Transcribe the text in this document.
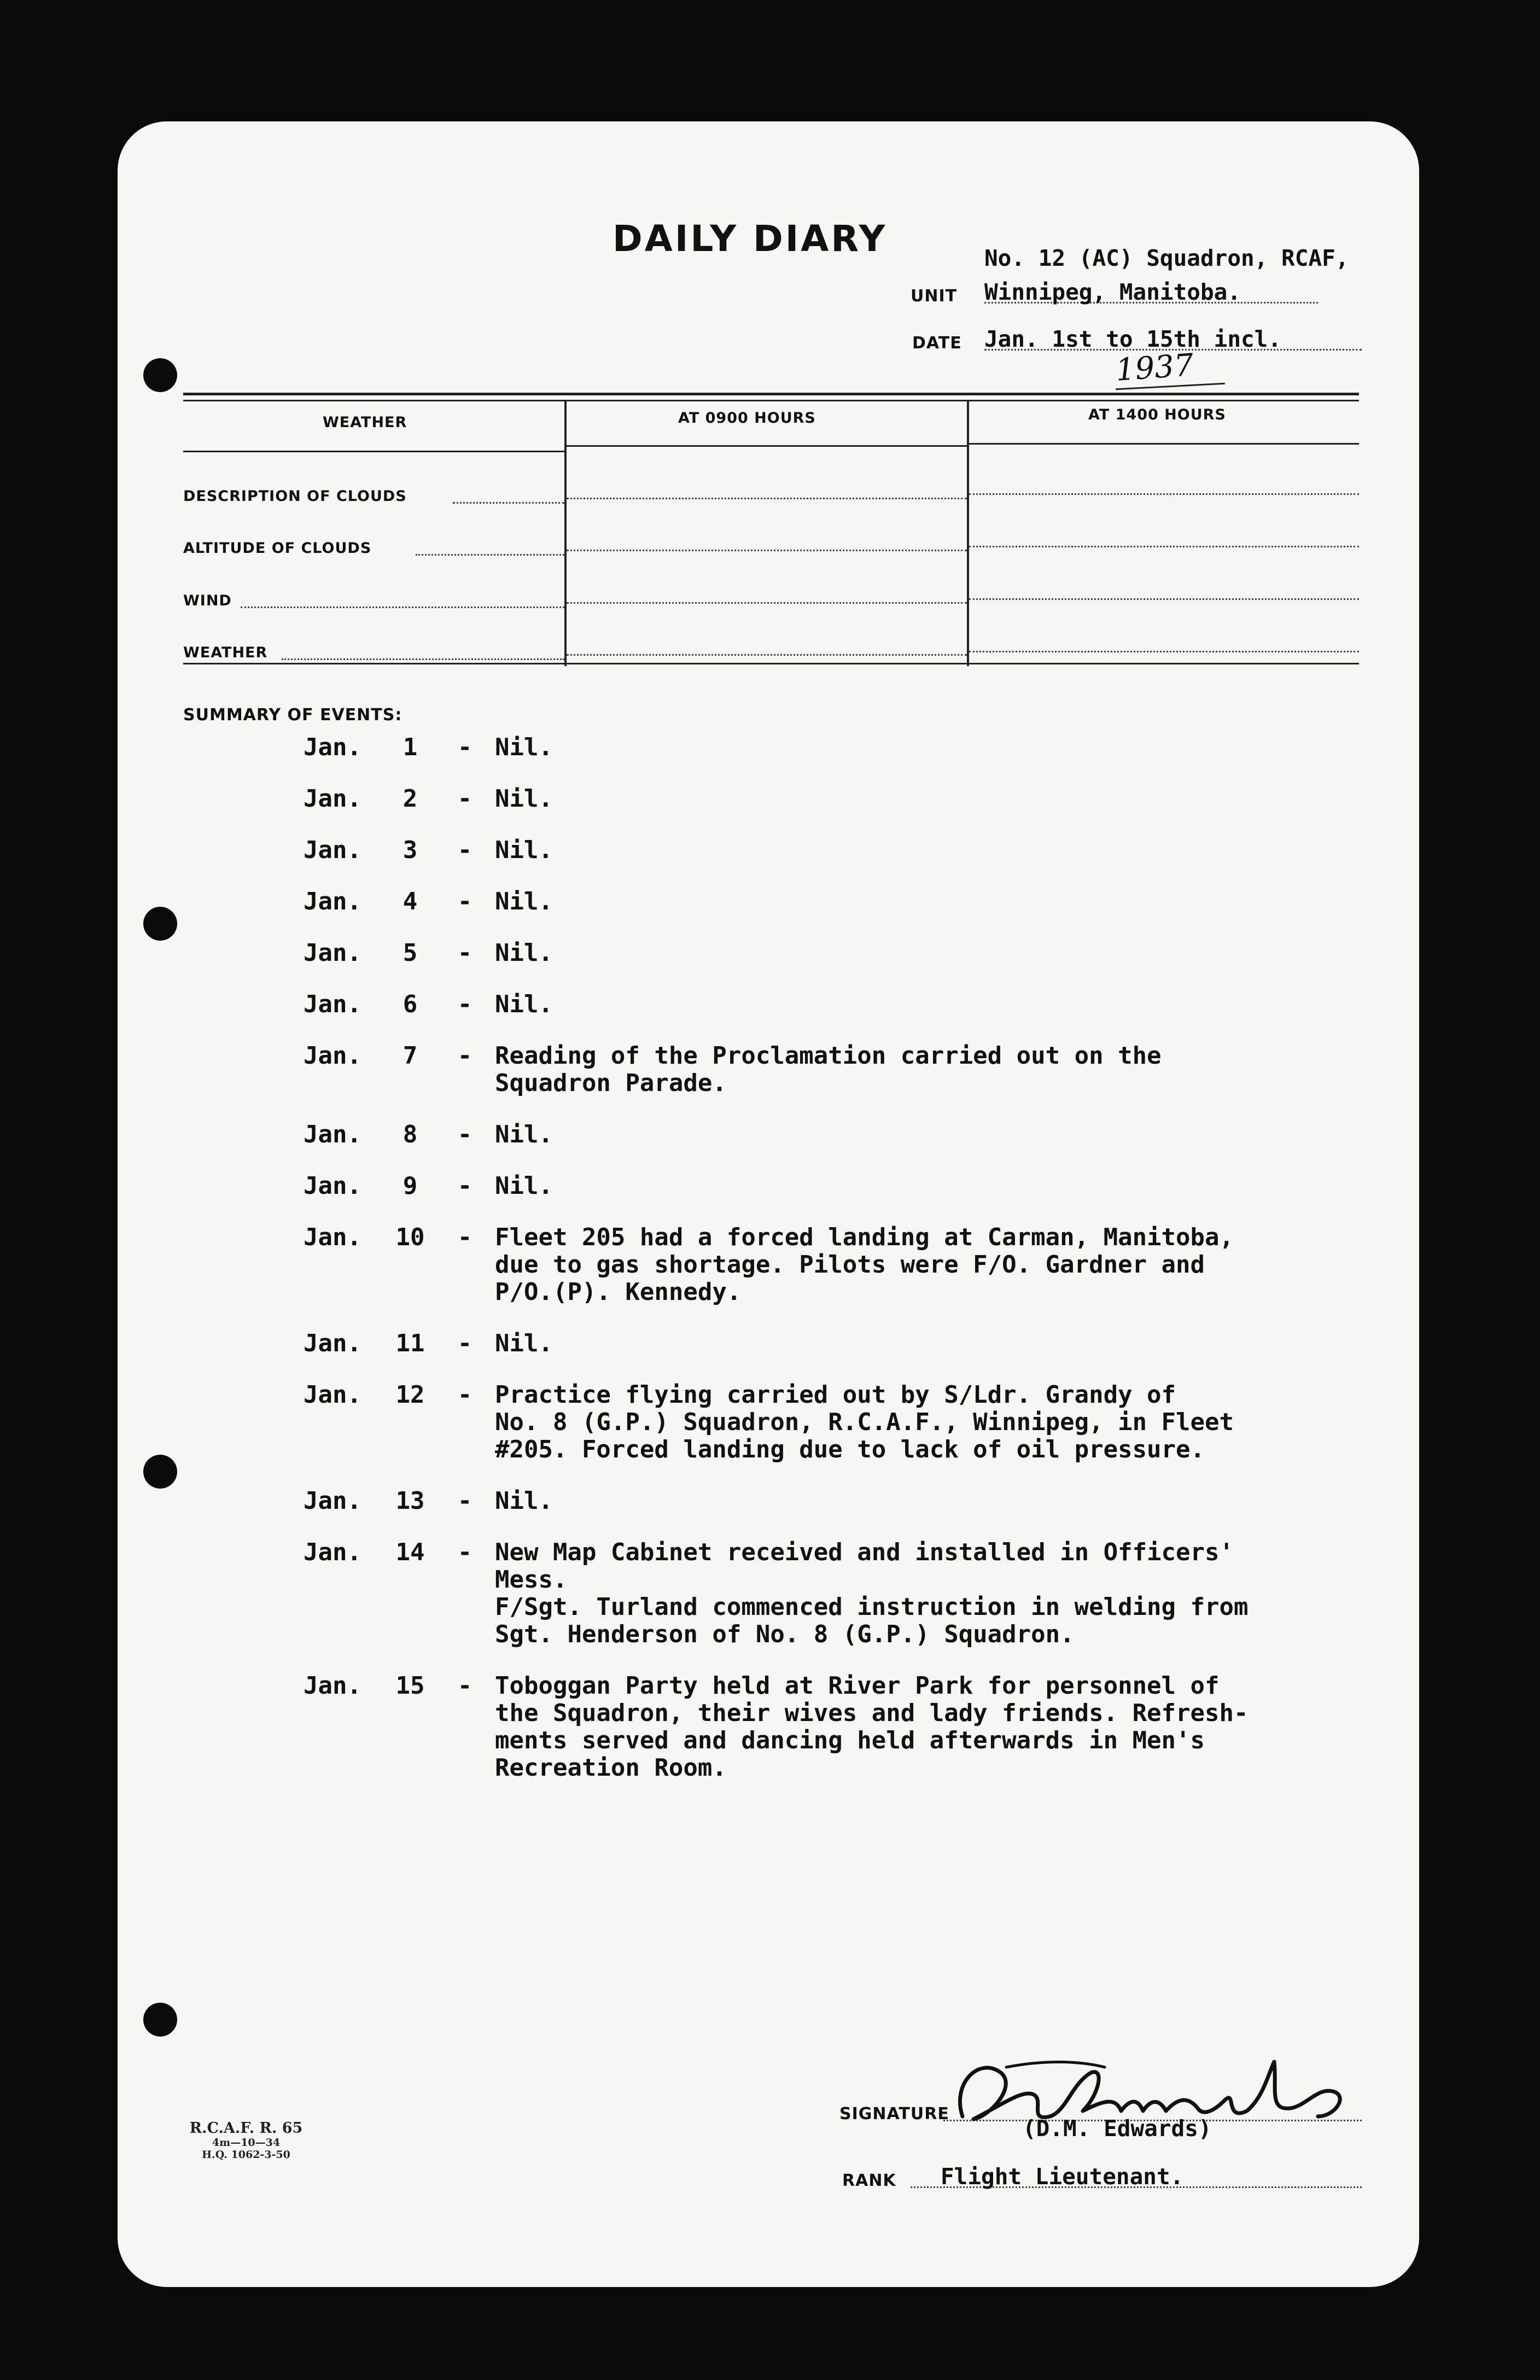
DAILY DIARY	No. 12 (AC) Squadron, RCAF,
UNIT Winnipeg, Manitoba.
DATE Jan. 1st to 15th incl.
1937
WEATHER	AT 0900 HOURS	AT 1400 HOURS
DESCRIPTION OF CLOUDS
ALTITUDE OF CLOUDS
WIND
WEATHER
SUMMARY OF EVENTS:
Jan.	1	- Nil.
Jan.	2	- Nil.
Jan.	3	- Nil.
Jan.	4	- Nil.
Jan.	5	- Nil.
Jan.	6	- Nil.
Jan.	7	- Reading of the Proclamation carried out on the
Squadron Parade.
Jan.	8	- Nil.
Jan.	9	- Nil.
Jan.	10	- Fleet 205 had a forced landing at Carman, Manitoba,
due to gas shortage. Pilots were F/O. Gardner and
P/O.(P). Kennedy.
Jan.	11	- Nil.
Jan.	12	- Practice flying carried out by S/Ldr. Grandy of
No. 8 (G.P.) Squadron, R.C.A.F., Winnipeg, in Fleet
#205. Forced landing due to lack of oil pressure.
Jan.	13	- Nil.
Jan.	14	- New Map Cabinet received and installed in Officers'
Mess.
F/Sgt. Turland commenced instruction in welding from
Sgt. Henderson of No. 8 (G.P.) Squadron.
Jan.	15	- Toboggan Party held at River Park for personnel of
the Squadron, their wives and lady friends. Refresh-
ments served and dancing held afterwards in Men's
Recreation Room.
SIGNATURE
(D.M. Edwards)
RANK Flight Lieutenant.
R.C.A.F. R. 65
4m—10—34
H.Q. 1062-3-50
